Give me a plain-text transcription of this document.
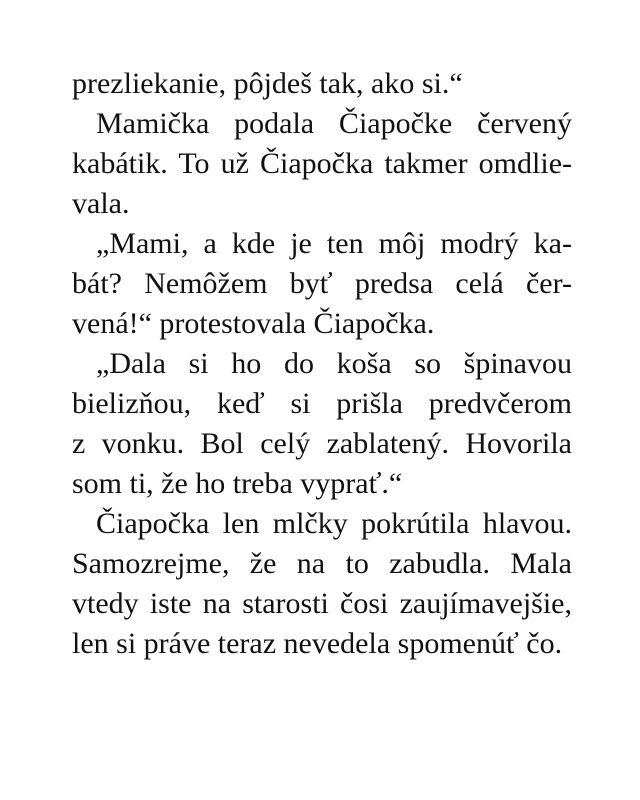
prezliekanie, pôjdeš tak, ako si.“
Mamička podala Čiapočke červený
kabátik. To už Čiapočka takmer omdlie-
vala.
„Mami, a kde je ten môj modrý ka-
bát? Nemôžem byť predsa celá čer-
vená!“ protestovala Čiapočka.
„Dala si ho do koša so špinavou
bielizňou, keď si prišla predvčerom
z vonku. Bol celý zablatený. Hovorila
som ti, že ho treba vyprať.“
Čiapočka len mlčky pokrútila hlavou.
Samozrejme, že na to zabudla. Mala
vtedy iste na starosti čosi zaujímavejšie,
len si práve teraz nevedela spomenúť čo.
